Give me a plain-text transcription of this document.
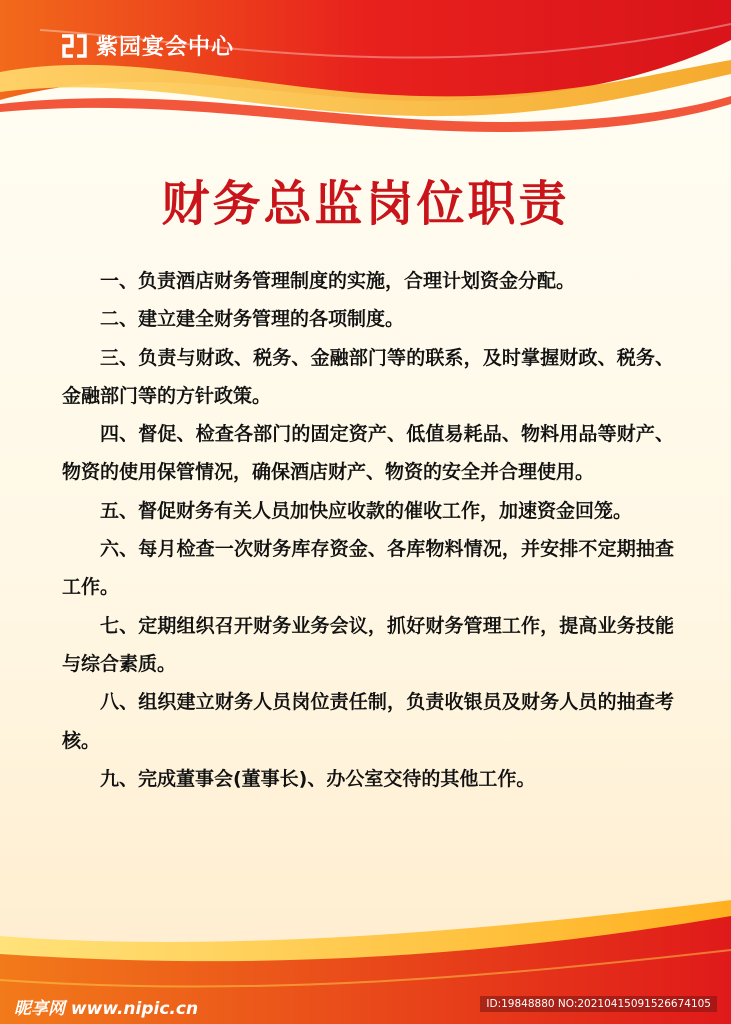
紫园宴会中心
财务总监岗位职责

一、负责酒店财务管理制度的实施，合理计划资金分配。

二、建立建全财务管理的各项制度。

三、负责与财政、税务、金融部门等的联系，及时掌握财政、税务、金融部门等的方针政策。

四、督促、检查各部门的固定资产、低值易耗品、物料用品等财产、物资的使用保管情况，确保酒店财产、物资的安全并合理使用。

五、督促财务有关人员加快应收款的催收工作，加速资金回笼。

六、每月检查一次财务库存资金、各库物料情况，并安排不定期抽查工作。

七、定期组织召开财务业务会议，抓好财务管理工作，提高业务技能与综合素质。

八、组织建立财务人员岗位责任制，负责收银员及财务人员的抽查考核。

九、完成董事会(董事长)、办公室交待的其他工作。

昵享网 www.nipic.cn	ID:19848880 NO:20210415091526674105
